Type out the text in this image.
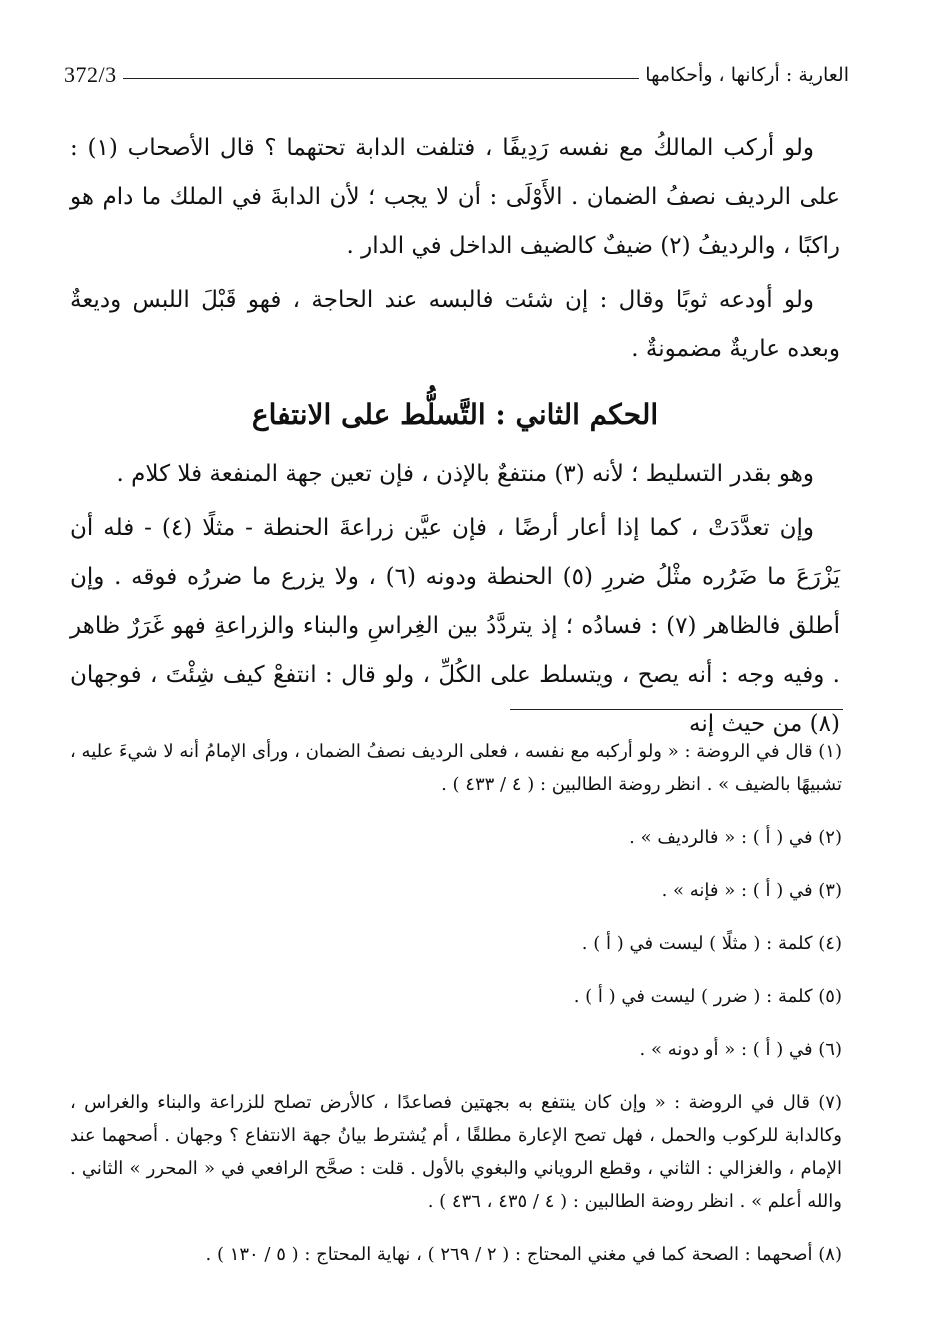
العارية : أركانها ، وأحكامها
372/3

ولو أركب المالكُ مع نفسه رَدِيفًا ، فتلفت الدابة تحتهما ؟ قال الأصحاب (١) : على الرديف نصفُ الضمان . الأَوْلَى : أن لا يجب ؛ لأن الدابةَ في الملك ما دام هو راكبًا ، والرديفُ (٢) ضيفٌ كالضيف الداخل في الدار .

ولو أودعه ثوبًا وقال : إن شئت فالبسه عند الحاجة ، فهو قَبْلَ اللبس وديعةٌ وبعده عاريةٌ مضمونةٌ .

الحكم الثاني : التَّسلُّط على الانتفاع

وهو بقدر التسليط ؛ لأنه (٣) منتفعٌ بالإذن ، فإن تعين جهة المنفعة فلا كلام .

وإن تعدَّدَتْ ، كما إذا أعار أرضًا ، فإن عيَّن زراعةَ الحنطة - مثلًا (٤) - فله أن يَزْرَعَ ما ضَرُره مثْلُ ضررِ (٥) الحنطة ودونه (٦) ، ولا يزرع ما ضررُه فوقه . وإن أطلق فالظاهر (٧) : فسادُه ؛ إذ يتردَّدُ بين الغِراسِ والبناء والزراعةِ فهو غَرَرٌ ظاهر . وفيه وجه : أنه يصح ، ويتسلط على الكُلِّ ، ولو قال : انتفعْ كيف شِئْتَ ، فوجهان (٨) من حيث إنه

(١) قال في الروضة : « ولو أركبه مع نفسه ، فعلى الرديف نصفُ الضمان ، ورأى الإمامُ أنه لا شيءَ عليه ، تشبيهًا بالضيف » . انظر روضة الطالبين : ( ٤ / ٤٣٣ ) .

(٢) في ( أ ) : « فالرديف » .

(٣) في ( أ ) : « فإنه » .

(٤) كلمة : ( مثلًا ) ليست في ( أ ) .

(٥) كلمة : ( ضرر ) ليست في ( أ ) .

(٦) في ( أ ) : « أو دونه » .

(٧) قال في الروضة : « وإن كان ينتفع به بجهتين فصاعدًا ، كالأرض تصلح للزراعة والبناء والغراس ، وكالدابة للركوب والحمل ، فهل تصح الإعارة مطلقًا ، أم يُشترط بيانُ جهة الانتفاع ؟ وجهان . أصحهما عند الإمام ، والغزالي : الثاني ، وقطع الروياني والبغوي بالأول . قلت : صحَّح الرافعي في « المحرر » الثاني . والله أعلم » . انظر روضة الطالبين : ( ٤ / ٤٣٥ ، ٤٣٦ ) .

(٨) أصحهما : الصحة كما في مغني المحتاج : ( ٢ / ٢٦٩ ) ، نهاية المحتاج : ( ٥ / ١٣٠ ) .
